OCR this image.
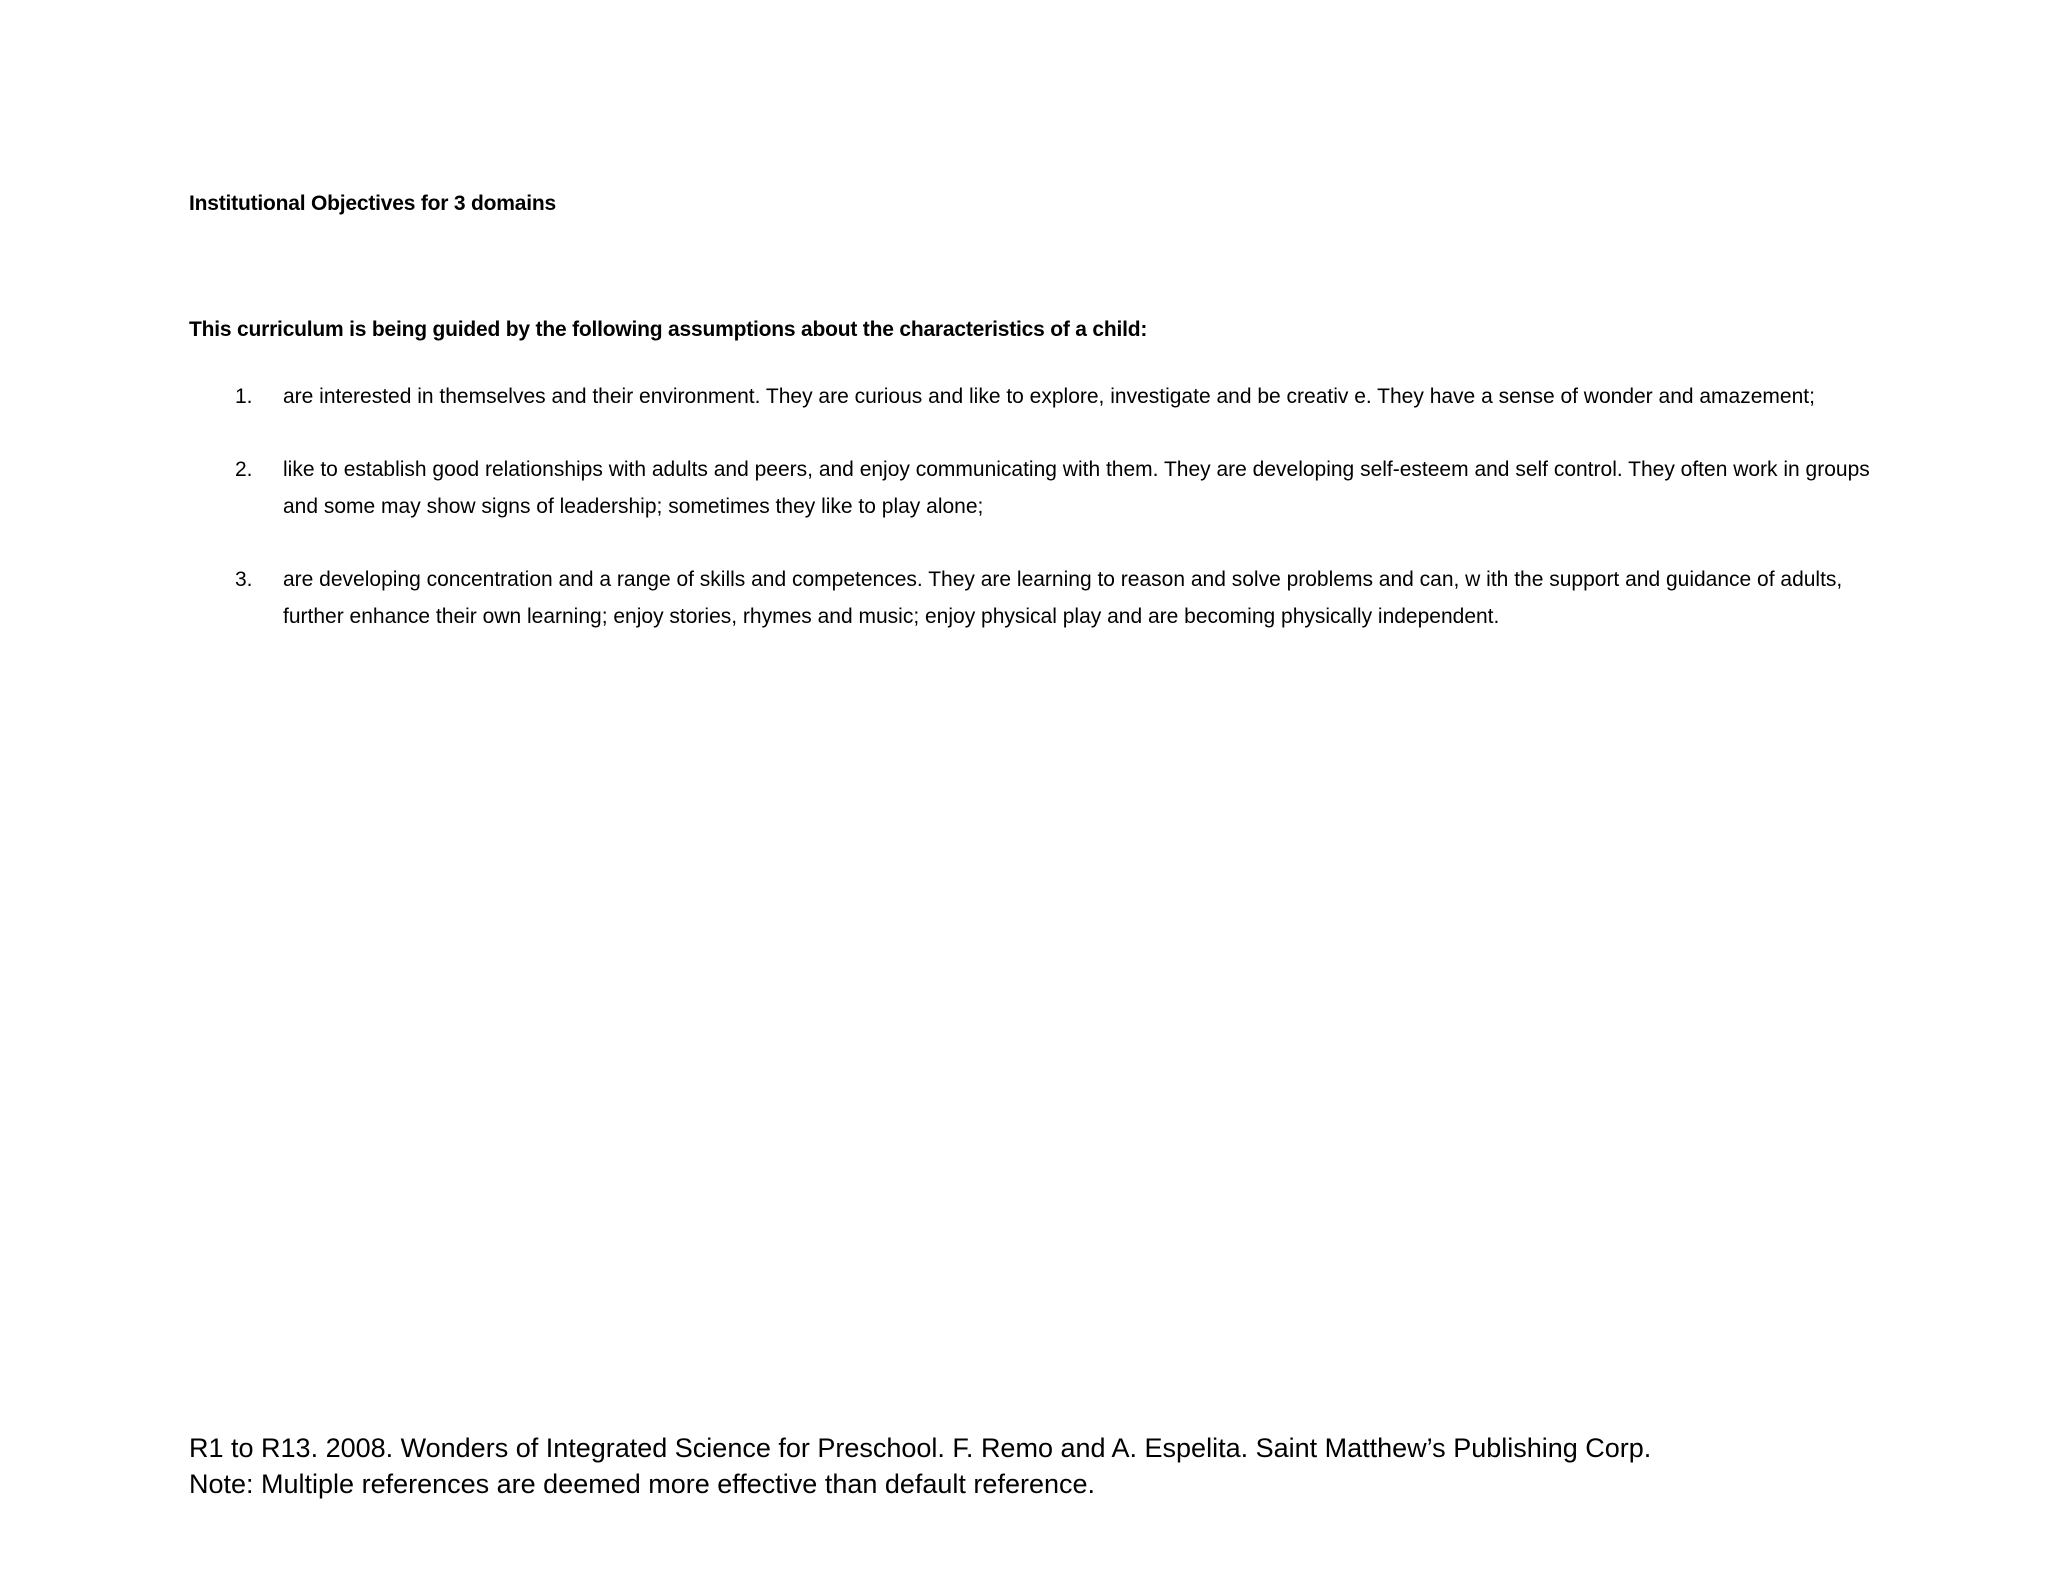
Institutional Objectives for 3 domains
This curriculum is being guided by the following assumptions about the characteristics of a child:
1. are interested in themselves and their environment. They are curious and like to explore, investigate and be creativ e. They have a sense of wonder and amazement;
2. like to establish good relationships with adults and peers, and enjoy communicating with them. They are developing self-esteem and self control. They often work in groups and some may show signs of leadership; sometimes they like to play alone;
3. are developing concentration and a range of skills and competences. They are learning to reason and solve problems and can, w ith the support and guidance of adults, further enhance their own learning; enjoy stories, rhymes and music; enjoy physical play and are becoming physically independent.
R1 to R13. 2008. Wonders of Integrated Science for Preschool. F. Remo and A. Espelita. Saint Matthew’s Publishing Corp.
Note: Multiple references are deemed more effective than default reference.
